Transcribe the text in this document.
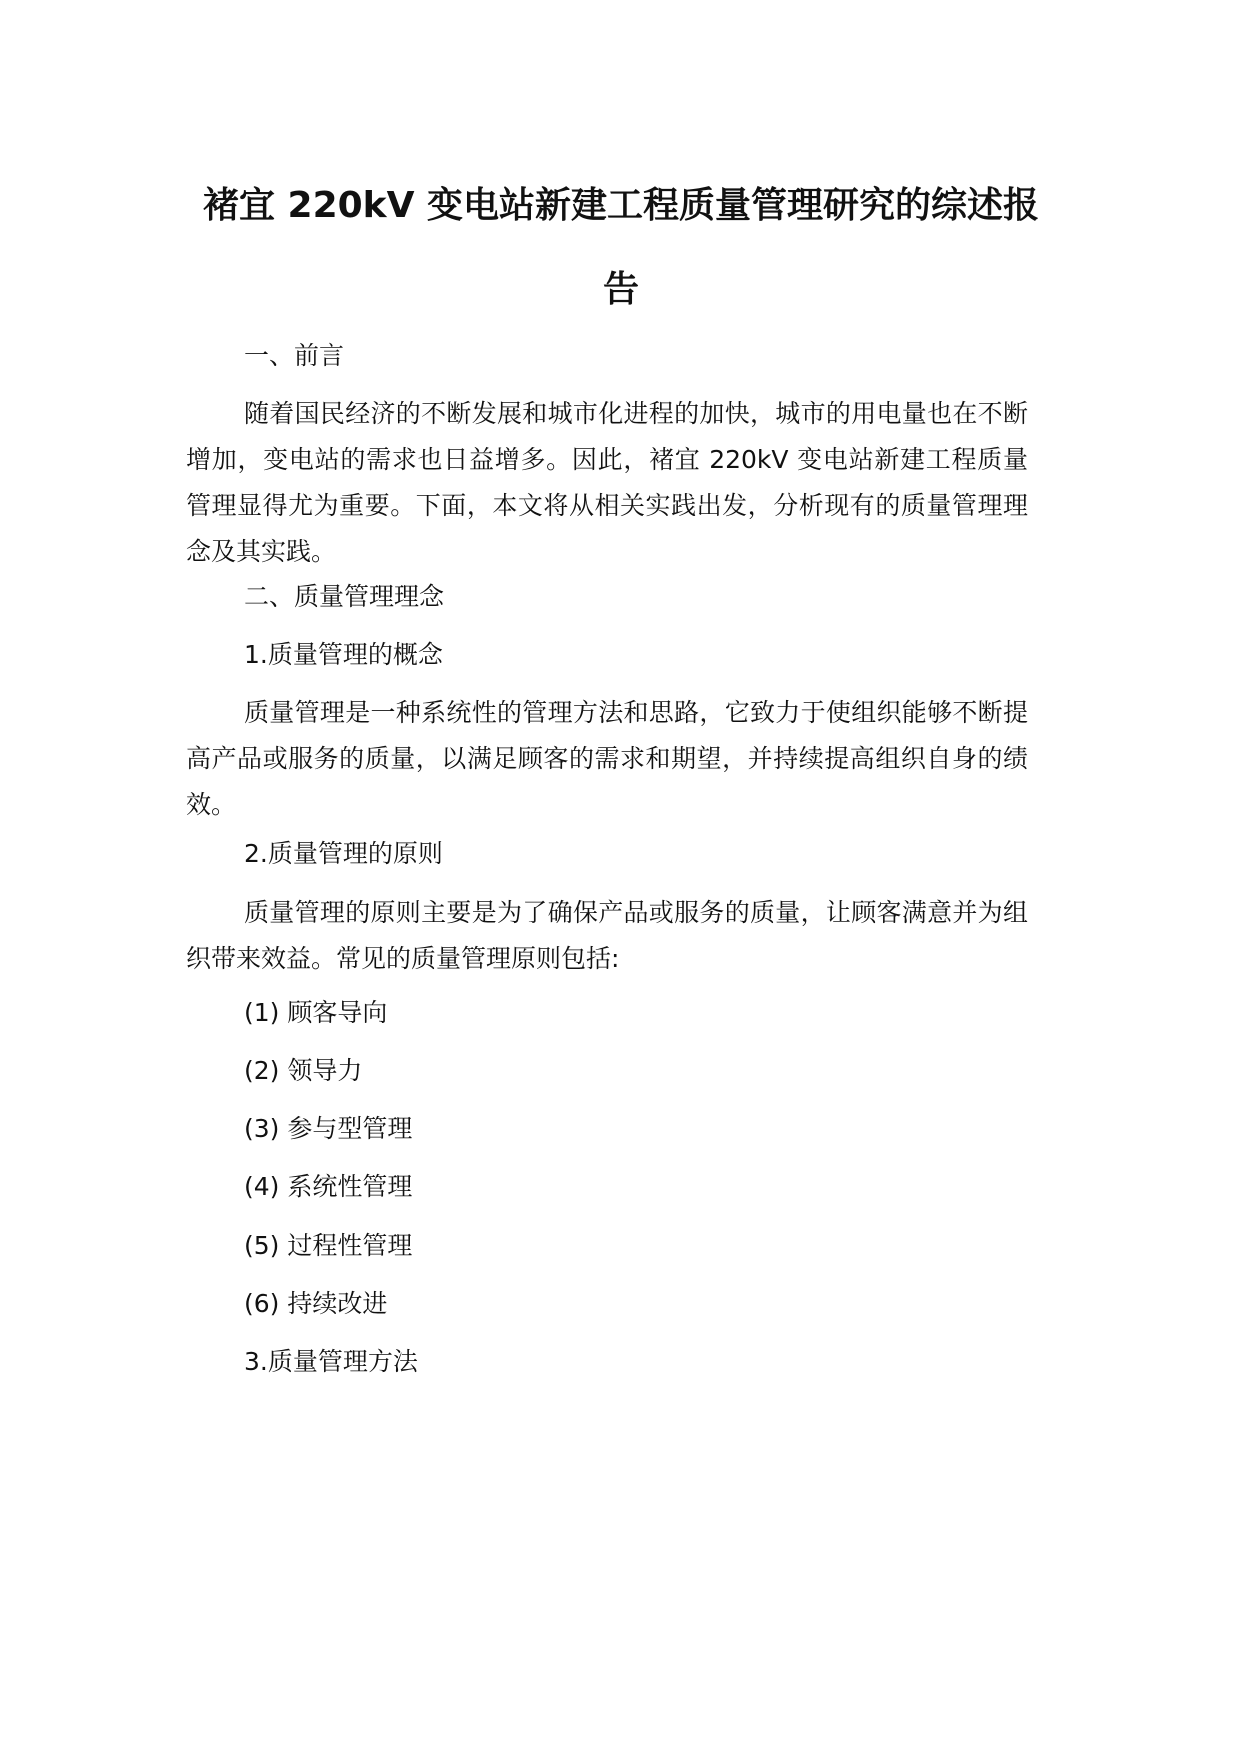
褚宜 220kV 变电站新建工程质量管理研究的综述报告
一、前言
随着国民经济的不断发展和城市化进程的加快，城市的用电量也在不断增加，变电站的需求也日益增多。因此，褚宜 220kV 变电站新建工程质量管理显得尤为重要。下面，本文将从相关实践出发，分析现有的质量管理理念及其实践。
二、质量管理理念
1.质量管理的概念
质量管理是一种系统性的管理方法和思路，它致力于使组织能够不断提高产品或服务的质量，以满足顾客的需求和期望，并持续提高组织自身的绩效。
2.质量管理的原则
质量管理的原则主要是为了确保产品或服务的质量，让顾客满意并为组织带来效益。常见的质量管理原则包括:
(1) 顾客导向
(2) 领导力
(3) 参与型管理
(4) 系统性管理
(5) 过程性管理
(6) 持续改进
3.质量管理方法
